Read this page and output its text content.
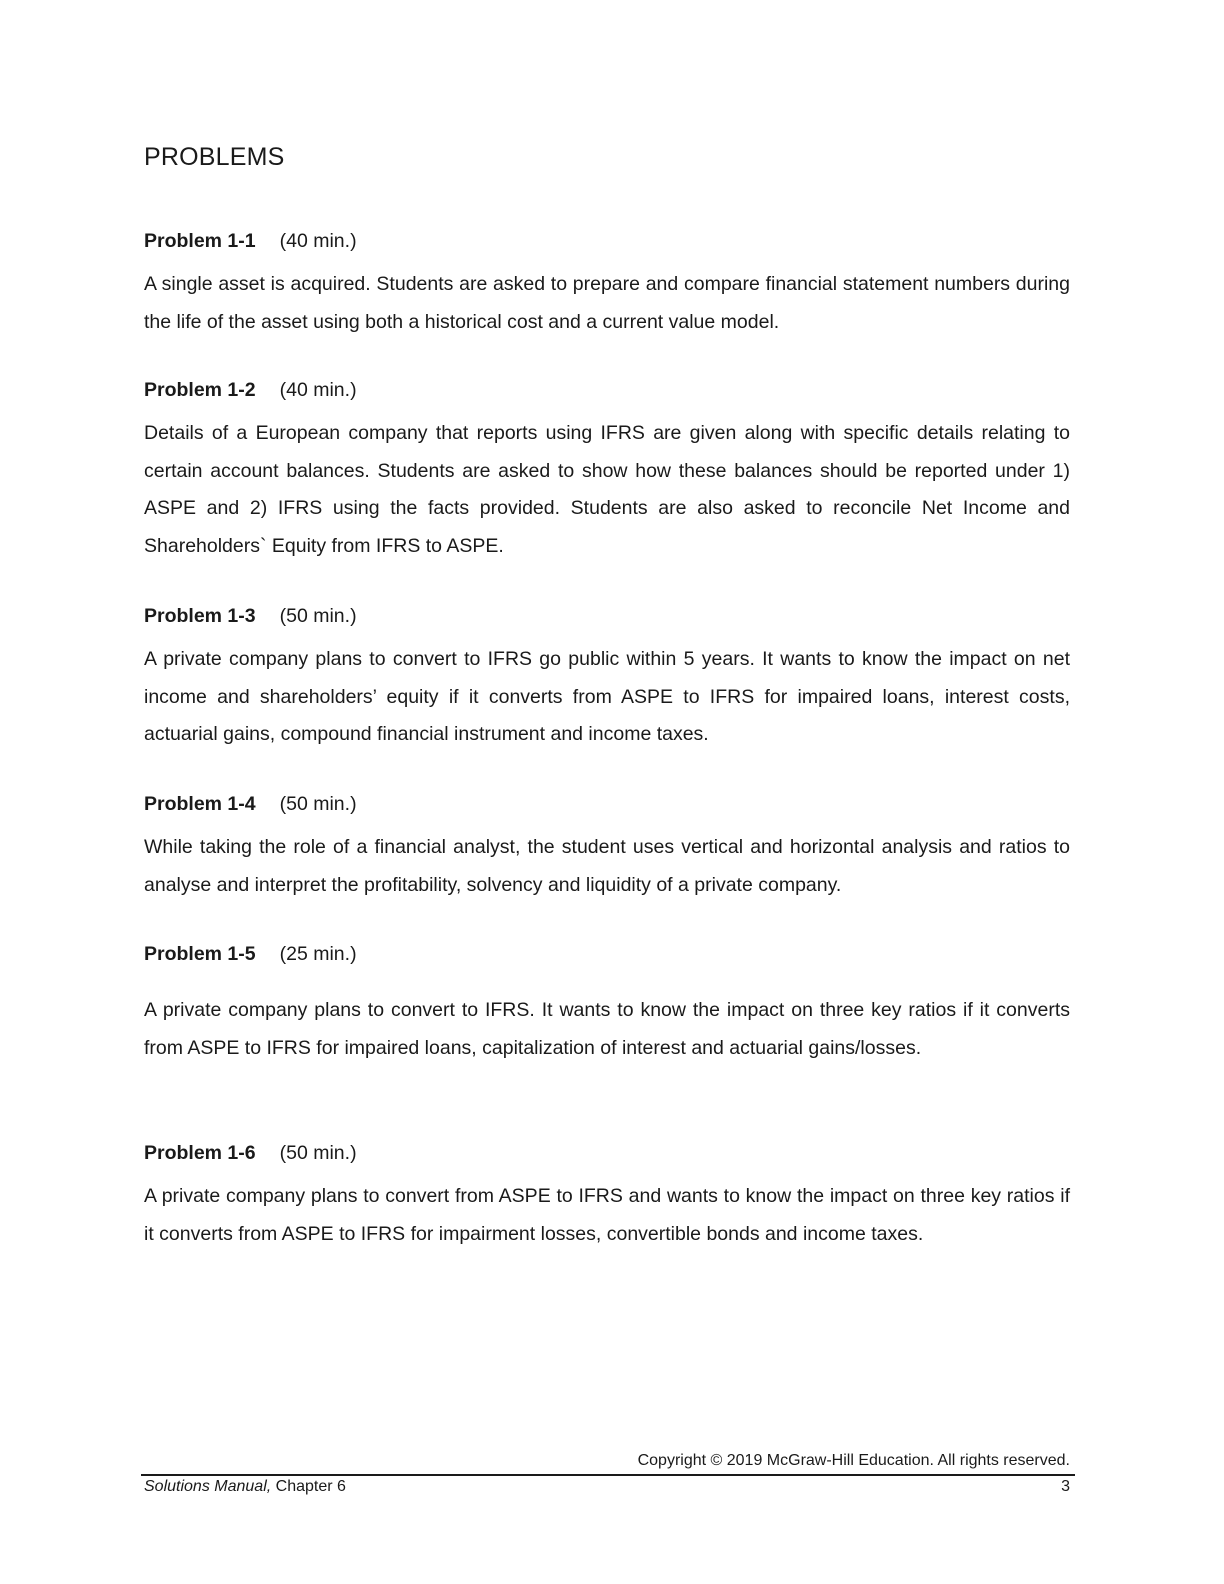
PROBLEMS
Problem 1-1 (40 min.)

A single asset is acquired. Students are asked to prepare and compare financial statement numbers during the life of the asset using both a historical cost and a current value model.

Problem 1-2 (40 min.)

Details of a European company that reports using IFRS are given along with specific details relating to certain account balances. Students are asked to show how these balances should be reported under 1) ASPE and 2) IFRS using the facts provided. Students are also asked to reconcile Net Income and Shareholders` Equity from IFRS to ASPE.

Problem 1-3 (50 min.)

A private company plans to convert to IFRS go public within 5 years. It wants to know the impact on net income and shareholders’ equity if it converts from ASPE to IFRS for impaired loans, interest costs, actuarial gains, compound financial instrument and income taxes.

Problem 1-4 (50 min.)

While taking the role of a financial analyst, the student uses vertical and horizontal analysis and ratios to analyse and interpret the profitability, solvency and liquidity of a private company.

Problem 1-5 (25 min.)

A private company plans to convert to IFRS. It wants to know the impact on three key ratios if it converts from ASPE to IFRS for impaired loans, capitalization of interest and actuarial gains/losses.

Problem 1-6 (50 min.)

A private company plans to convert from ASPE to IFRS and wants to know the impact on three key ratios if it converts from ASPE to IFRS for impairment losses, convertible bonds and income taxes.

Copyright © 2019 McGraw-Hill Education. All rights reserved.
Solutions Manual, Chapter 6	3
